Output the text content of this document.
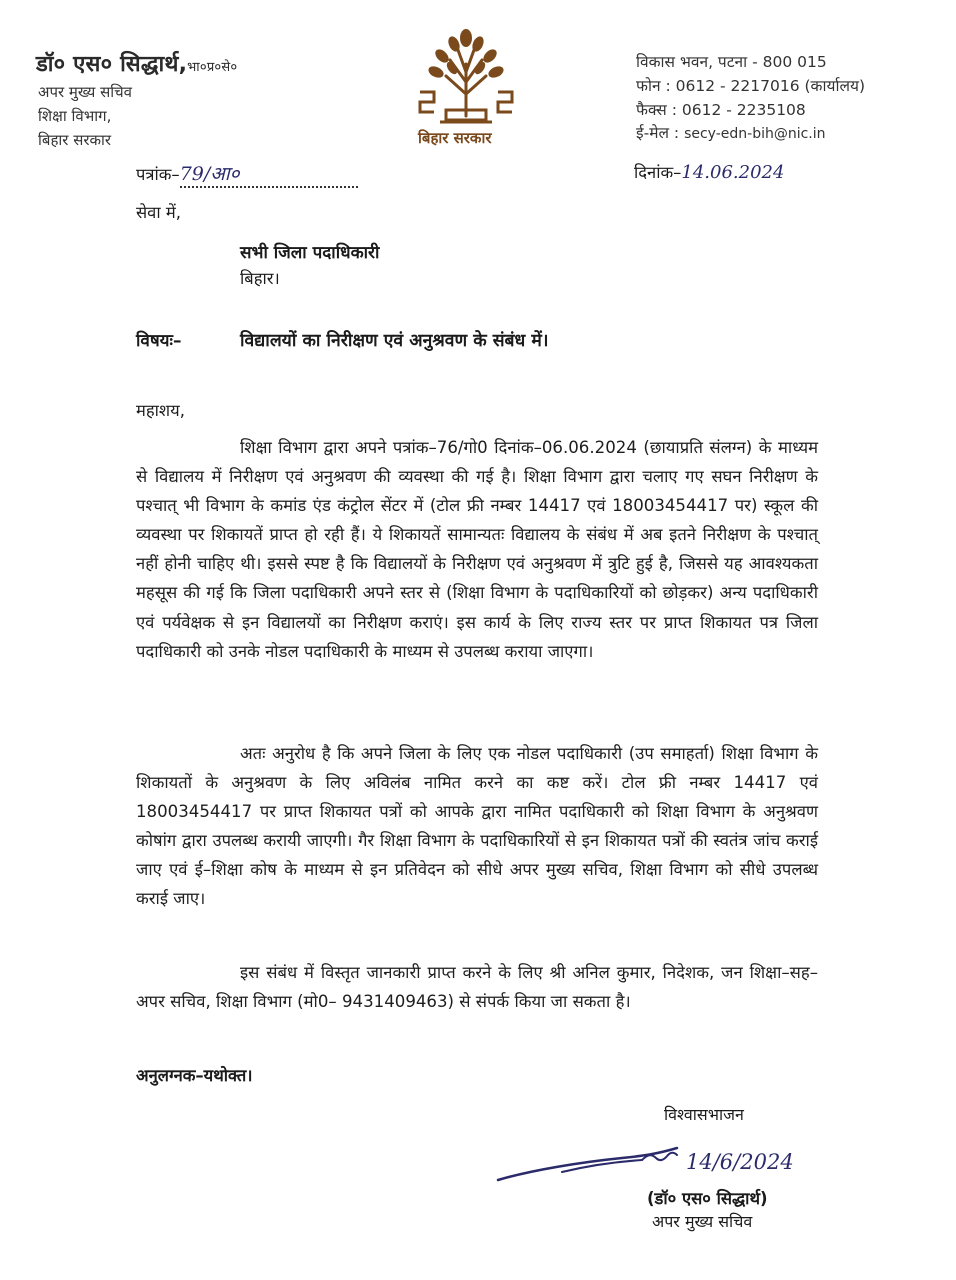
डॉ० एस० सिद्धार्थ,भा०प्र०से०
अपर मुख्य सचिव
शिक्षा विभाग,
बिहार सरकार	बिहार सरकार
विकास भवन, पटना - 800 015
फोन : 0612 - 2217016 (कार्यालय)
फैक्स : 0612 - 2235108
ई-मेल : secy-edn-bih@nic.in
पत्रांक–79/आ०	दिनांक–14.06.2024
सेवा में,
सभी जिला पदाधिकारी
बिहार।
विषयः–	विद्यालयों का निरीक्षण एवं अनुश्रवण के संबंध में।
महाशय,
शिक्षा विभाग द्वारा अपने पत्रांक–76/गो0 दिनांक–06.06.2024 (छायाप्रति संलग्न) के माध्यम से विद्यालय में निरीक्षण एवं अनुश्रवण की व्यवस्था की गई है। शिक्षा विभाग द्वारा चलाए गए सघन निरीक्षण के पश्चात् भी विभाग के कमांड एंड कंट्रोल सेंटर में (टोल फ्री नम्बर 14417 एवं 18003454417 पर) स्कूल की व्यवस्था पर शिकायतें प्राप्त हो रही हैं। ये शिकायतें सामान्यतः विद्यालय के संबंध में अब इतने निरीक्षण के पश्चात् नहीं होनी चाहिए थी। इससे स्पष्ट है कि विद्यालयों के निरीक्षण एवं अनुश्रवण में त्रुटि हुई है, जिससे यह आवश्यकता महसूस की गई कि जिला पदाधिकारी अपने स्तर से (शिक्षा विभाग के पदाधिकारियों को छोड़कर) अन्य पदाधिकारी एवं पर्यवेक्षक से इन विद्यालयों का निरीक्षण कराएं। इस कार्य के लिए राज्य स्तर पर प्राप्त शिकायत पत्र जिला पदाधिकारी को उनके नोडल पदाधिकारी के माध्यम से उपलब्ध कराया जाएगा।
अतः अनुरोध है कि अपने जिला के लिए एक नोडल पदाधिकारी (उप समाहर्ता) शिक्षा विभाग के शिकायतों के अनुश्रवण के लिए अविलंब नामित करने का कष्ट करें। टोल फ्री नम्बर 14417 एवं 18003454417 पर प्राप्त शिकायत पत्रों को आपके द्वारा नामित पदाधिकारी को शिक्षा विभाग के अनुश्रवण कोषांग द्वारा उपलब्ध करायी जाएगी। गैर शिक्षा विभाग के पदाधिकारियों से इन शिकायत पत्रों की स्वतंत्र जांच कराई जाए एवं ई–शिक्षा कोष के माध्यम से इन प्रतिवेदन को सीधे अपर मुख्य सचिव, शिक्षा विभाग को सीधे उपलब्ध कराई जाए।
इस संबंध में विस्तृत जानकारी प्राप्त करने के लिए श्री अनिल कुमार, निदेशक, जन शिक्षा–सह–अपर सचिव, शिक्षा विभाग (मो0– 9431409463) से संपर्क किया जा सकता है।
अनुलग्नक–यथोक्त।
विश्वासभाजन
14/6/2024
(डॉ० एस० सिद्धार्थ)
अपर मुख्य सचिव
